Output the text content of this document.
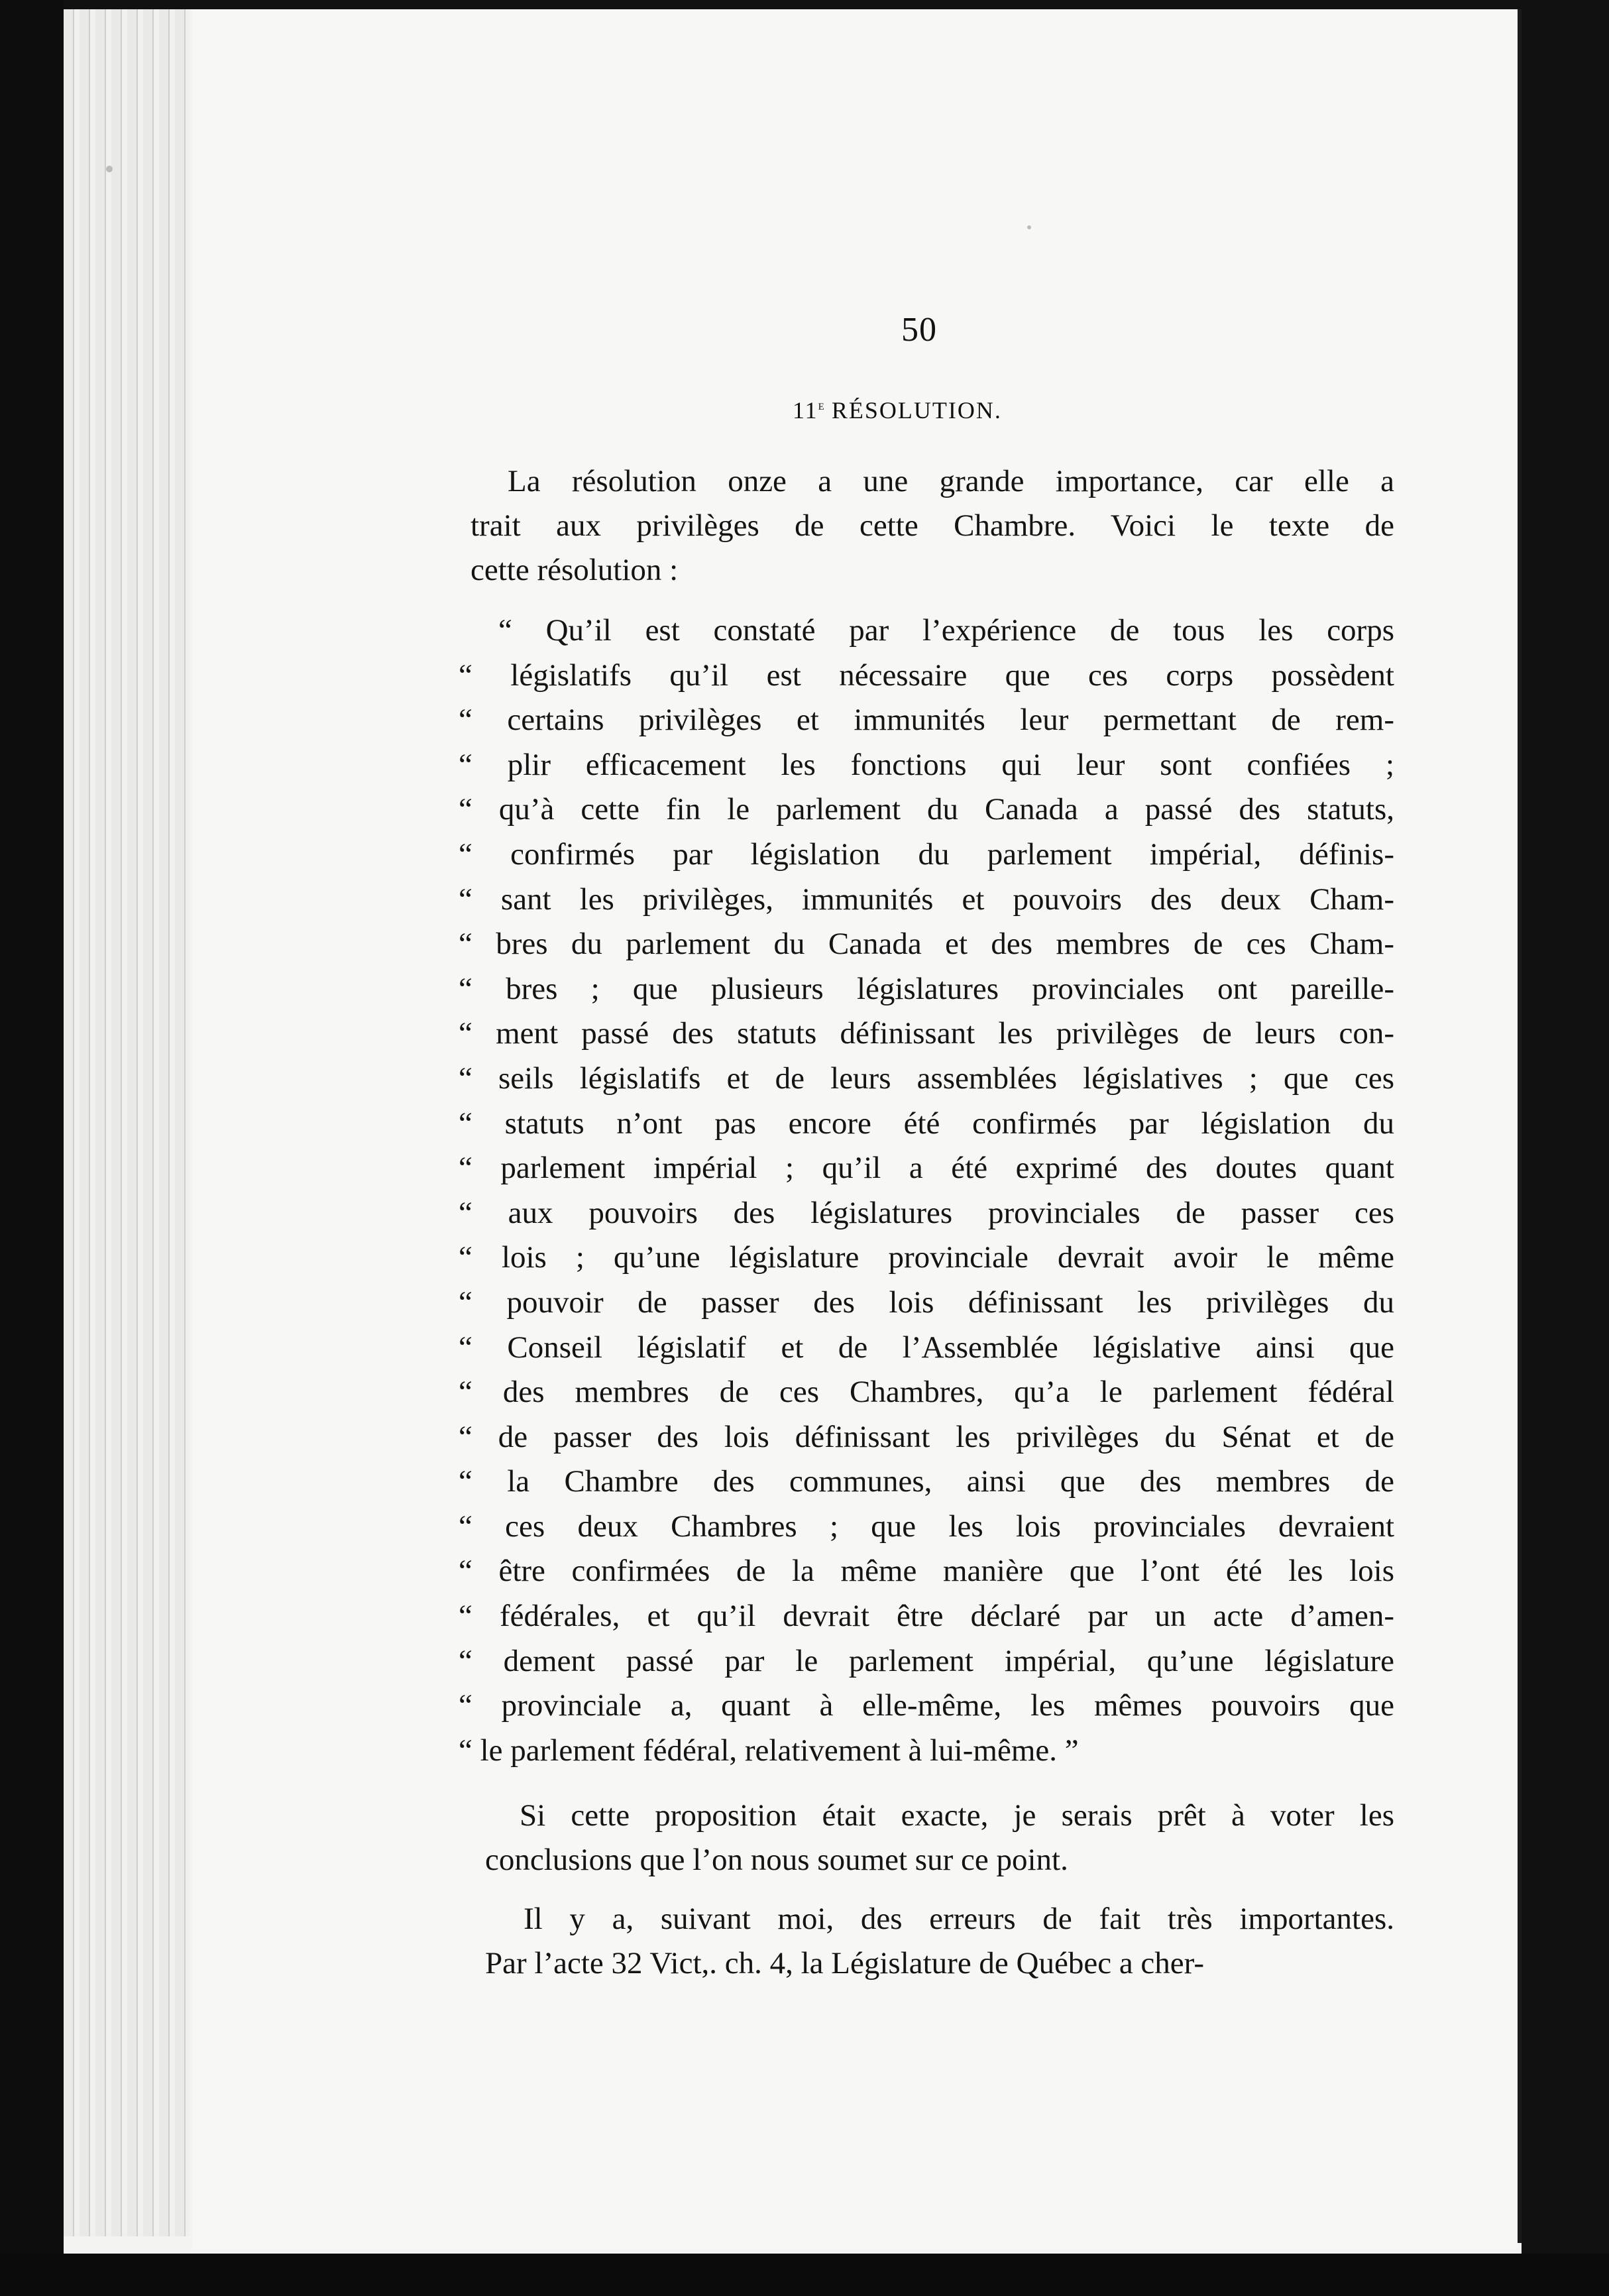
50
11e RÉSOLUTION.
La résolution onze a une grande importance, car elle a
trait aux privilèges de cette Chambre. Voici le texte de
cette résolution :
“ Qu’il est constaté par l’expérience de tous les corps
“ législatifs qu’il est nécessaire que ces corps possèdent
“ certains privilèges et immunités leur permettant de rem-
“ plir efficacement les fonctions qui leur sont confiées ;
“ qu’à cette fin le parlement du Canada a passé des statuts,
“ confirmés par législation du parlement impérial, définis-
“ sant les privilèges, immunités et pouvoirs des deux Cham-
“ bres du parlement du Canada et des membres de ces Cham-
“ bres ; que plusieurs législatures provinciales ont pareille-
“ ment passé des statuts définissant les privilèges de leurs con-
“ seils législatifs et de leurs assemblées législatives ; que ces
“ statuts n’ont pas encore été confirmés par législation du
“ parlement impérial ; qu’il a été exprimé des doutes quant
“ aux pouvoirs des législatures provinciales de passer ces
“ lois ; qu’une législature provinciale devrait avoir le même
“ pouvoir de passer des lois définissant les privilèges du
“ Conseil législatif et de l’Assemblée législative ainsi que
“ des membres de ces Chambres, qu’a le parlement fédéral
“ de passer des lois définissant les privilèges du Sénat et de
“ la Chambre des communes, ainsi que des membres de
“ ces deux Chambres ; que les lois provinciales devraient
“ être confirmées de la même manière que l’ont été les lois
“ fédérales, et qu’il devrait être déclaré par un acte d’amen-
“ dement passé par le parlement impérial, qu’une législature
“ provinciale a, quant à elle-même, les mêmes pouvoirs que
“ le parlement fédéral, relativement à lui-même. ”
Si cette proposition était exacte, je serais prêt à voter les
conclusions que l’on nous soumet sur ce point.
Il y a, suivant moi, des erreurs de fait très importantes.
Par l’acte 32 Vict,. ch. 4, la Législature de Québec a cher-
